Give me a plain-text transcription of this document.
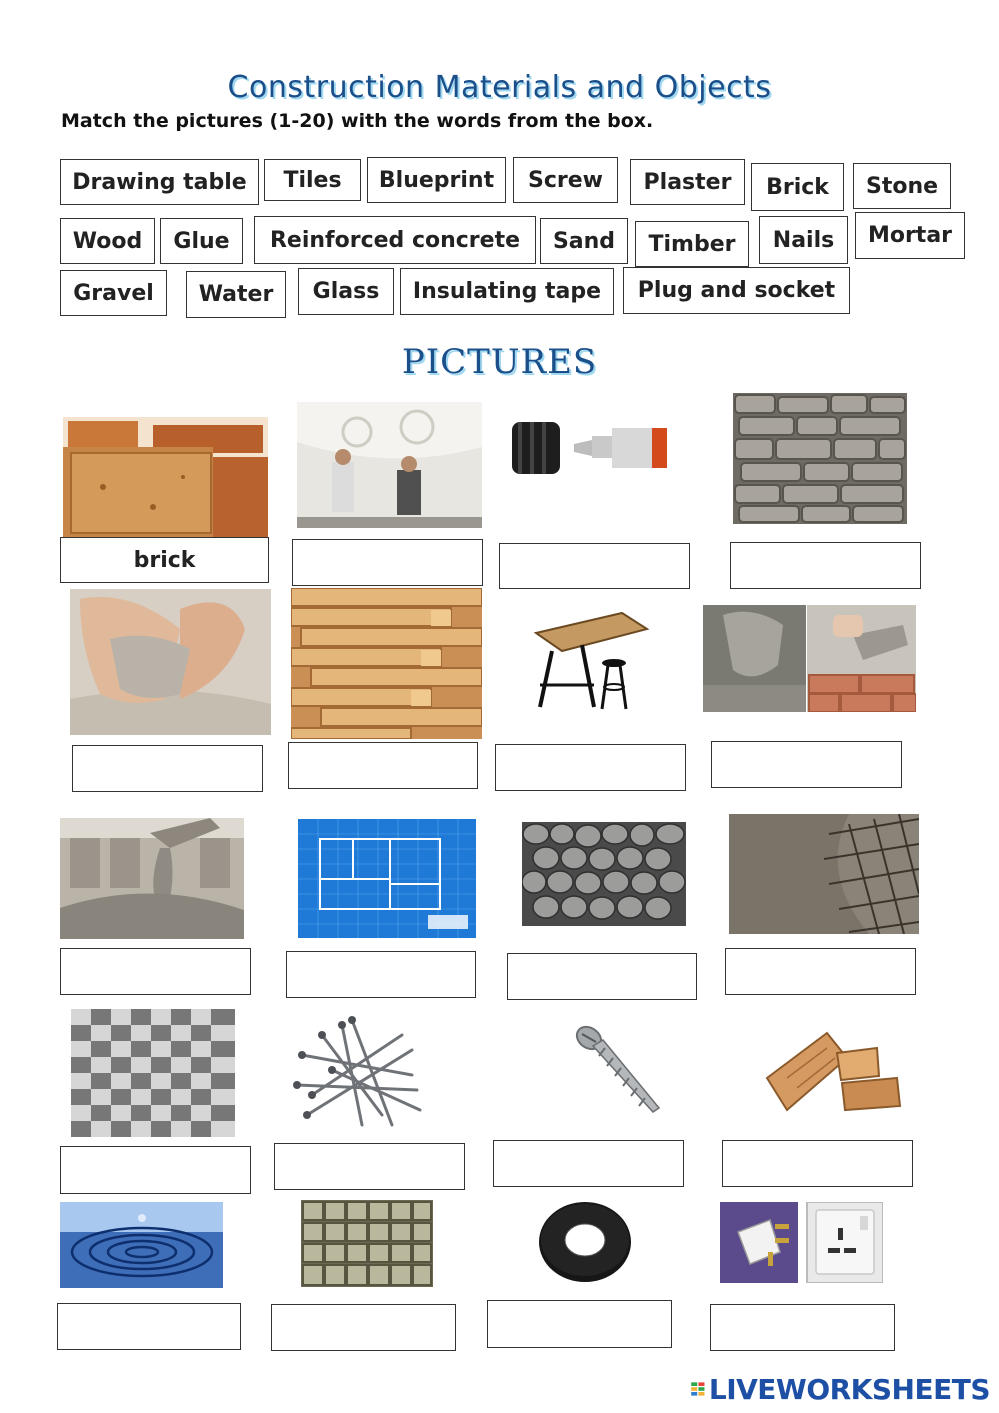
Construction Materials and Objects
Match the pictures (1-20) with the words from the box.
Drawing table	Tiles	Blueprint	Screw	Plaster	Brick	Stone
Wood	Glue	Reinforced concrete	Sand	Timber	Nails	Mortar
Gravel	Water	Glass	Insulating tape	Plug and socket
PICTURES
brick
LIVEWORKSHEETS
